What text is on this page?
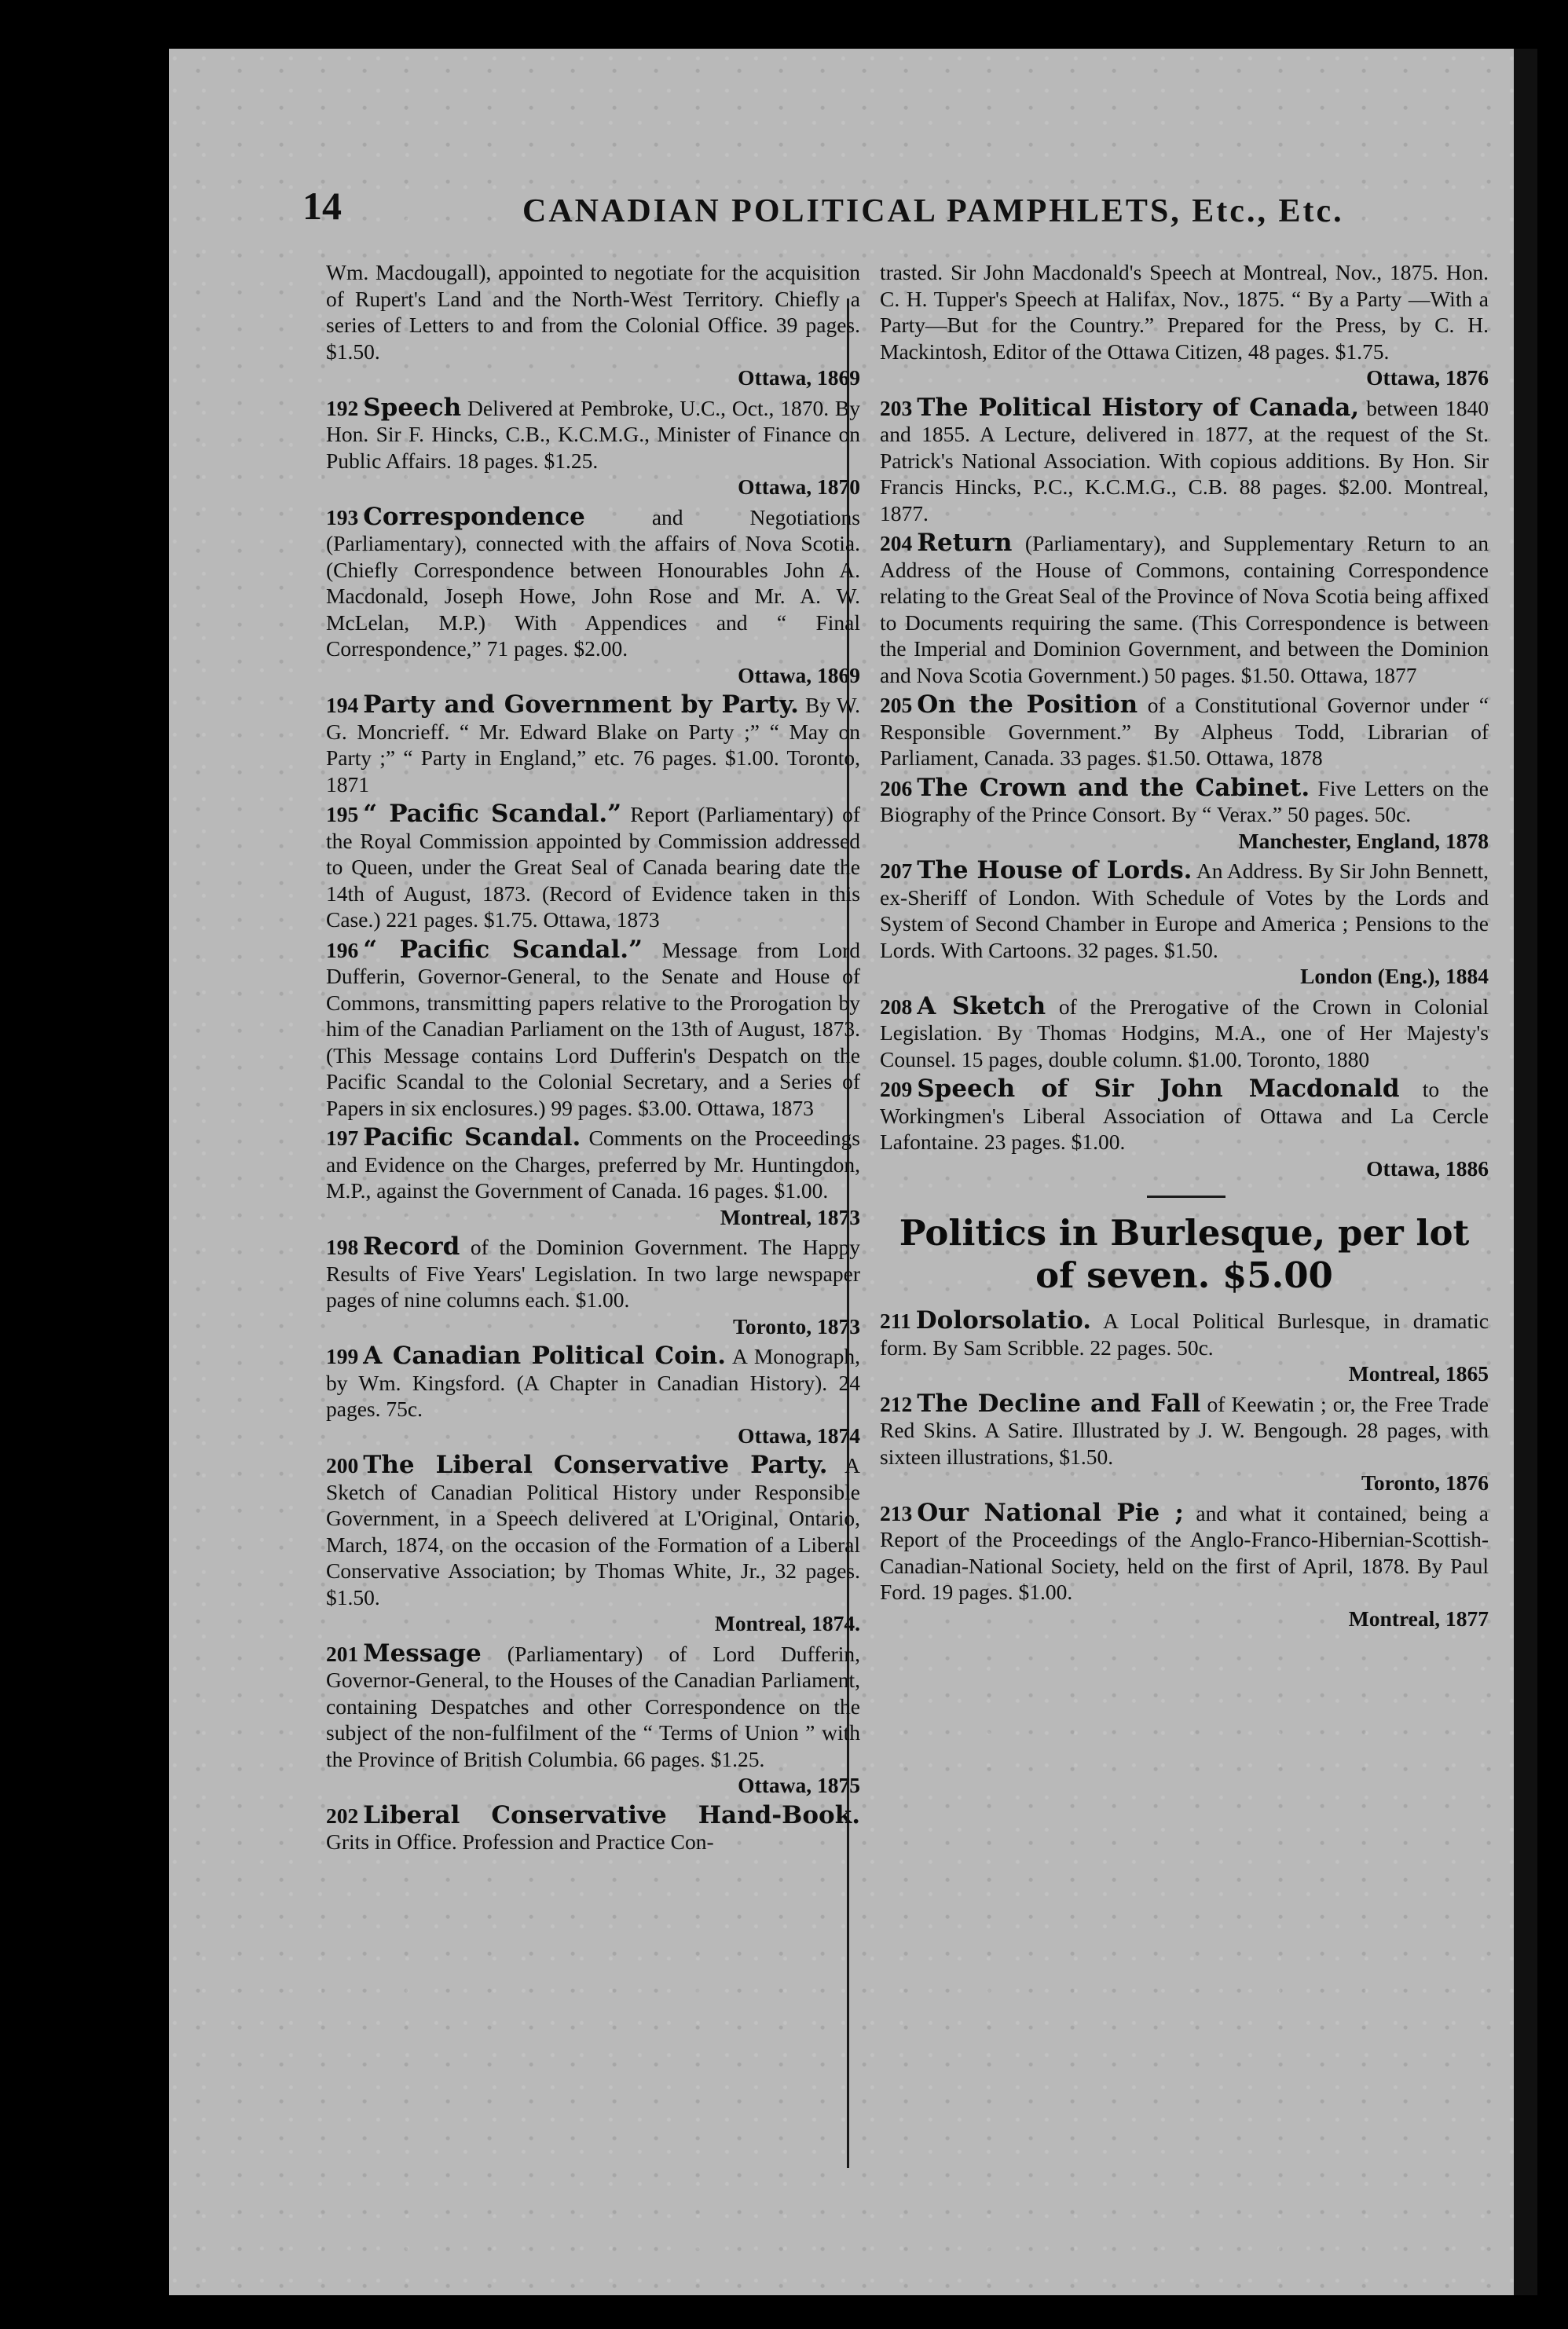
14	CANADIAN POLITICAL PAMPHLETS, Etc., Etc.
Wm. Macdougall), appointed to negotiate for the acquisition of Rupert's Land and the North-West Territory. Chiefly a series of Letters to and from the Colonial Office. 39 pages. $1.50.
Ottawa, 1869
192 Speech Delivered at Pembroke, U.C., Oct., 1870. By Hon. Sir F. Hincks, C.B., K.C.M.G., Minister of Finance on Public Affairs. 18 pages. $1.25.
Ottawa, 1870
193 Correspondence	and Negotiations (Parliamentary), connected with the affairs of Nova Scotia. (Chiefly Correspondence between Honourables John A. Macdonald, Joseph Howe, John Rose and Mr. A. W. McLelan, M.P.) With Appendices and “ Final Correspondence,” 71 pages. $2.00.
Ottawa, 1869
194 Party and Government by Party. By W. G. Moncrieff. “ Mr. Edward Blake on Party ;” “ May on Party ;” “ Party in England,” etc. 76 pages. $1.00. Toronto, 1871
195 “ Pacific Scandal.” Report (Parliamentary) of the Royal Commission appointed by Commission addressed to Queen, under the Great Seal of Canada bearing date the 14th of August, 1873. (Record of Evidence taken in this Case.) 221 pages. $1.75. Ottawa, 1873
196 “ Pacific Scandal.” Message from Lord Dufferin, Governor-General, to the Senate and House of Commons, transmitting papers relative to the Prorogation by him of the Canadian Parliament on the 13th of August, 1873. (This Message contains Lord Dufferin's Despatch on the Pacific Scandal to the Colonial Secretary, and a Series of Papers in six enclosures.) 99 pages. $3.00. Ottawa, 1873
197 Pacific Scandal. Comments on the Proceedings and Evidence on the Charges, preferred by Mr. Huntingdon, M.P., against the Government of Canada. 16 pages. $1.00.
Montreal, 1873
198 Record of the Dominion Government. The Happy Results of Five Years' Legislation. In two large newspaper pages of nine columns each. $1.00.
Toronto, 1873
199 A Canadian Political Coin. A Monograph, by Wm. Kingsford. (A Chapter in Canadian History). 24 pages. 75c.
Ottawa, 1874
200 The Liberal Conservative Party. A Sketch of Canadian Political History under Responsible Government, in a Speech delivered at L'Original, Ontario, March, 1874, on the occasion of the Formation of a Liberal Conservative Association; by Thomas White, Jr., 32 pages. $1.50.
Montreal, 1874.
201 Message (Parliamentary) of Lord Dufferin, Governor-General, to the Houses of the Canadian Parliament, containing Despatches and other Correspondence on the subject of the non-fulfilment of the “ Terms of Union ” with the Province of British Columbia. 66 pages. $1.25.
Ottawa, 1875
202 Liberal Conservative Hand-Book. Grits in Office. Profession and Practice Con-
trasted. Sir John Macdonald's Speech at Montreal, Nov., 1875. Hon. C. H. Tupper's Speech at Halifax, Nov., 1875. “ By a Party —With a Party—But for the Country.” Prepared for the Press, by C. H. Mackintosh, Editor of the Ottawa Citizen, 48 pages. $1.75.
Ottawa, 1876
203 The Political History of Canada, between 1840 and 1855. A Lecture, delivered in 1877, at the request of the St. Patrick's National Association. With copious additions. By Hon. Sir Francis Hincks, P.C., K.C.M.G., C.B. 88 pages. $2.00. Montreal, 1877.
204 Return (Parliamentary), and Supplementary Return to an Address of the House of Commons, containing Correspondence relating to the Great Seal of the Province of Nova Scotia being affixed to Documents requiring the same. (This Correspondence is between the Imperial and Dominion Government, and between the Dominion and Nova Scotia Government.) 50 pages. $1.50. Ottawa, 1877
205 On the Position of a Constitutional Governor under “ Responsible Government.” By Alpheus Todd, Librarian of Parliament, Canada. 33 pages. $1.50. Ottawa, 1878
206 The Crown and the Cabinet. Five Letters on the Biography of the Prince Consort. By “ Verax.” 50 pages. 50c.
Manchester, England, 1878
207 The House of Lords. An Address. By Sir John Bennett, ex-Sheriff of London. With Schedule of Votes by the Lords and System of Second Chamber in Europe and America ; Pensions to the Lords. With Cartoons. 32 pages. $1.50.
London (Eng.), 1884
208 A Sketch of the Prerogative of the Crown in Colonial Legislation. By Thomas Hodgins, M.A., one of Her Majesty's Counsel. 15 pages, double column. $1.00. Toronto, 1880
209 Speech of Sir John Macdonald to the Workingmen's Liberal Association of Ottawa and La Cercle Lafontaine. 23 pages. $1.00.
Ottawa, 1886
Politics in Burlesque, per lot of seven. $5.00
211 Dolorsolatio. A Local Political Burlesque, in dramatic form. By Sam Scribble. 22 pages. 50c.
Montreal, 1865
212 The Decline and Fall of Keewatin ; or, the Free Trade Red Skins. A Satire. Illustrated by J. W. Bengough. 28 pages, with sixteen illustrations, $1.50.
Toronto, 1876
213 Our National Pie ; and what it contained, being a Report of the Proceedings of the Anglo-Franco-Hibernian-Scottish-Canadian-National Society, held on the first of April, 1878. By Paul Ford. 19 pages. $1.00.
Montreal, 1877
